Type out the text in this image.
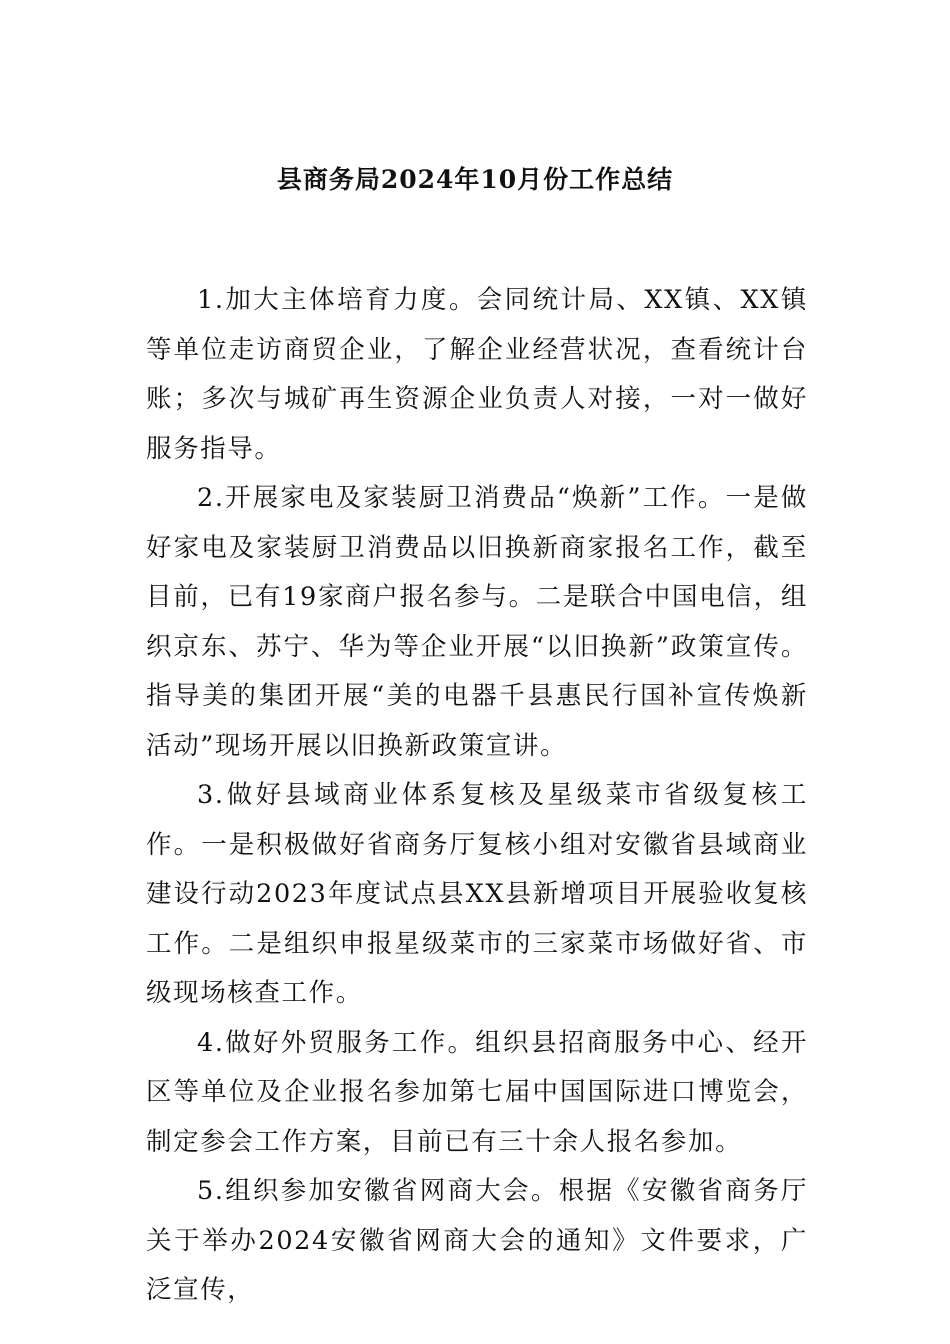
县商务局2024年10月份工作总结

1.加大主体培育力度。会同统计局、XX镇、XX镇等单位走访商贸企业，了解企业经营状况，查看统计台账；多次与城矿再生资源企业负责人对接，一对一做好服务指导。

2.开展家电及家装厨卫消费品“焕新”工作。一是做好家电及家装厨卫消费品以旧换新商家报名工作，截至目前，已有19家商户报名参与。二是联合中国电信，组织京东、苏宁、华为等企业开展“以旧换新”政策宣传。指导美的集团开展“美的电器千县惠民行国补宣传焕新活动”现场开展以旧换新政策宣讲。

3.做好县域商业体系复核及星级菜市省级复核工作。一是积极做好省商务厅复核小组对安徽省县域商业建设行动2023年度试点县XX县新增项目开展验收复核工作。二是组织申报星级菜市的三家菜市场做好省、市级现场核查工作。

4.做好外贸服务工作。组织县招商服务中心、经开区等单位及企业报名参加第七届中国国际进口博览会，制定参会工作方案，目前已有三十余人报名参加。

5.组织参加安徽省网商大会。根据《安徽省商务厅关于举办2024安徽省网商大会的通知》文件要求，广泛宣传，
